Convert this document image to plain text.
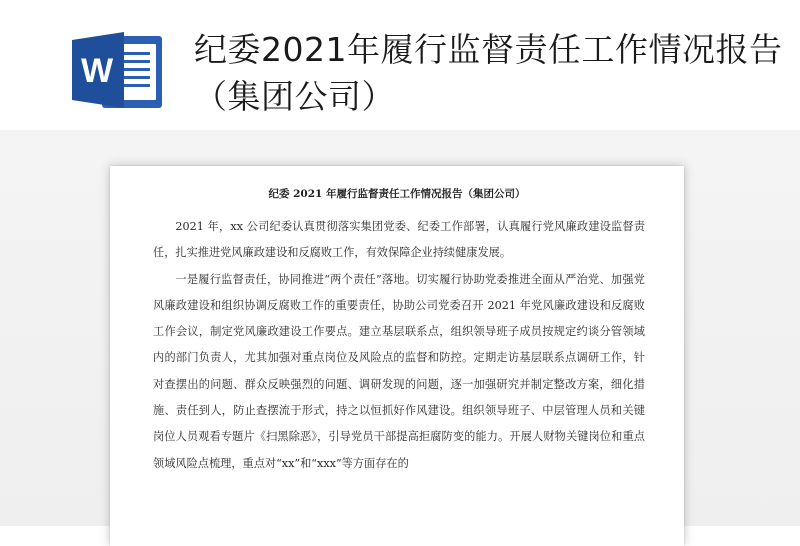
W
纪委2021年履行监督责任工作情况报告（集团公司）
纪委 2021 年履行监督责任工作情况报告（集团公司）

2021 年，xx 公司纪委认真贯彻落实集团党委、纪委工作部署，认真履行党风廉政建设监督责任，扎实推进党风廉政建设和反腐败工作，有效保障企业持续健康发展。

一是履行监督责任，协同推进“两个责任”落地。切实履行协助党委推进全面从严治党、加强党风廉政建设和组织协调反腐败工作的重要责任，协助公司党委召开 2021 年党风廉政建设和反腐败工作会议，制定党风廉政建设工作要点。建立基层联系点，组织领导班子成员按规定约谈分管领域内的部门负责人，尤其加强对重点岗位及风险点的监督和防控。定期走访基层联系点调研工作，针对查摆出的问题、群众反映强烈的问题、调研发现的问题，逐一加强研究并制定整改方案，细化措施、责任到人，防止查摆流于形式，持之以恒抓好作风建设。组织领导班子、中层管理人员和关键岗位人员观看专题片《扫黑除恶》，引导党员干部提高拒腐防变的能力。开展人财物关键岗位和重点领域风险点梳理，重点对“xx”和“xxx”等方面存在的
